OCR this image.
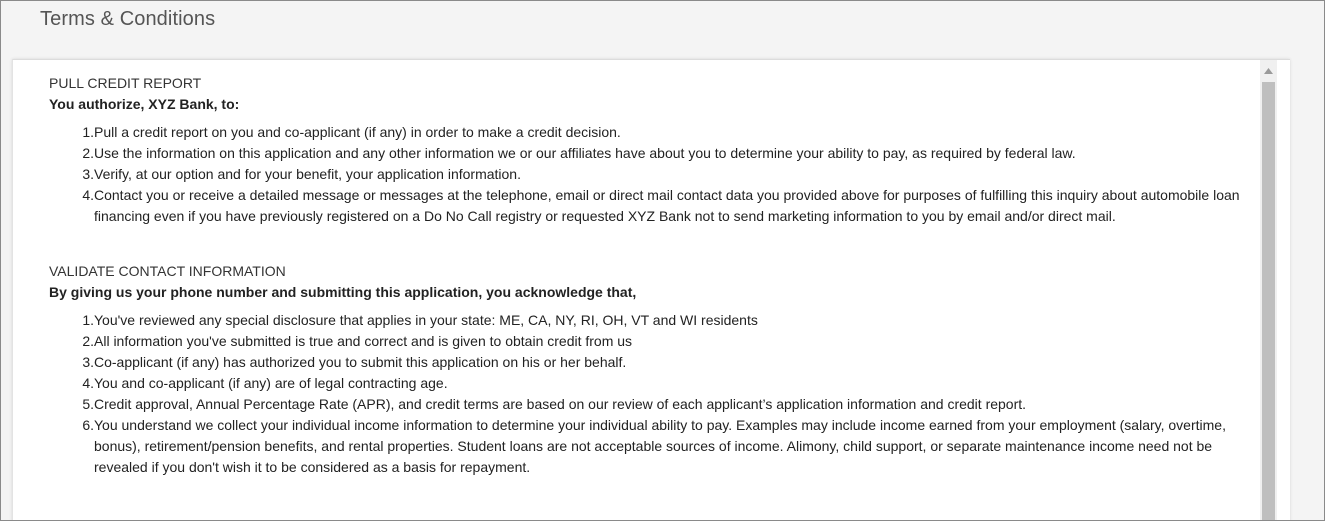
Terms & Conditions
PULL CREDIT REPORT
You authorize, XYZ Bank, to:
1. Pull a credit report on you and co-applicant (if any) in order to make a credit decision.
2. Use the information on this application and any other information we or our affiliates have about you to determine your ability to pay, as required by federal law.
3. Verify, at our option and for your benefit, your application information.
4. Contact you or receive a detailed message or messages at the telephone, email or direct mail contact data you provided above for purposes of fulfilling this inquiry about automobile loan financing even if you have previously registered on a Do No Call registry or requested XYZ Bank not to send marketing information to you by email and/or direct mail.
VALIDATE CONTACT INFORMATION
By giving us your phone number and submitting this application, you acknowledge that,
1. You've reviewed any special disclosure that applies in your state: ME, CA, NY, RI, OH, VT and WI residents
2. All information you've submitted is true and correct and is given to obtain credit from us
3. Co-applicant (if any) has authorized you to submit this application on his or her behalf.
4. You and co-applicant (if any) are of legal contracting age.
5. Credit approval, Annual Percentage Rate (APR), and credit terms are based on our review of each applicant’s application information and credit report.
6. You understand we collect your individual income information to determine your individual ability to pay. Examples may include income earned from your employment (salary, overtime, bonus), retirement/pension benefits, and rental properties. Student loans are not acceptable sources of income. Alimony, child support, or separate maintenance income need not be revealed if you don't wish it to be considered as a basis for repayment.
